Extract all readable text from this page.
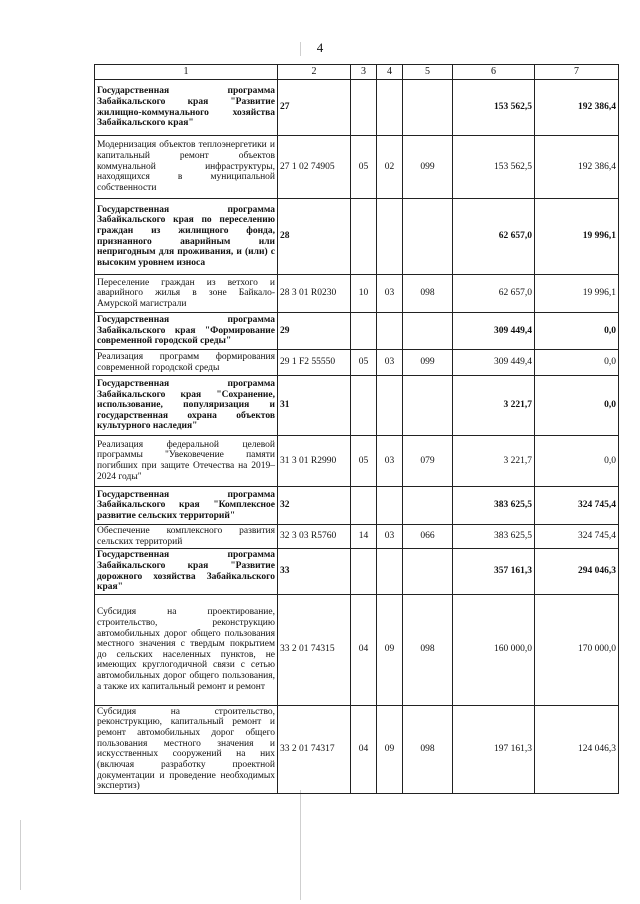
4
1	2	3	4	5	6	7
Государственная программа Забайкальского края "Развитие жилищно-коммунального хозяйства Забайкальского края"	27				153 562,5	192 386,4
Модернизация объектов теплоэнергетики и капитальный ремонт объектов коммунальной инфраструктуры, находящихся в муниципальной собственности	27 1 02 74905	05	02	099	153 562,5	192 386,4
Государственная программа Забайкальского края по переселению граждан из жилищного фонда, признанного аварийным или непригодным для проживания, и (или) с высоким уровнем износа	28				62 657,0	19 996,1
Переселение граждан из ветхого и аварийного жилья в зоне Байкало-Амурской магистрали	28 3 01 R0230	10	03	098	62 657,0	19 996,1
Государственная программа Забайкальского края "Формирование современной городской среды"	29				309 449,4	0,0
Реализация программ формирования современной городской среды	29 1 F2 55550	05	03	099	309 449,4	0,0
Государственная программа Забайкальского края "Сохранение, использование, популяризация и государственная охрана объектов культурного наследия"	31				3 221,7	0,0
Реализация федеральной целевой программы "Увековечение памяти погибших при защите Отечества на 2019–2024 годы"	31 3 01 R2990	05	03	079	3 221,7	0,0
Государственная программа Забайкальского края "Комплексное развитие сельских территорий"	32				383 625,5	324 745,4
Обеспечение комплексного развития сельских территорий	32 3 03 R5760	14	03	066	383 625,5	324 745,4
Государственная программа Забайкальского края "Развитие дорожного хозяйства Забайкальского края"	33				357 161,3	294 046,3
Субсидия на проектирование, строительство, реконструкцию автомобильных дорог общего пользования местного значения с твердым покрытием до сельских населенных пунктов, не имеющих круглогодичной связи с сетью автомобильных дорог общего пользования, а также их капитальный ремонт и ремонт	33 2 01 74315	04	09	098	160 000,0	170 000,0
Субсидия на строительство, реконструкцию, капитальный ремонт и ремонт автомобильных дорог общего пользования местного значения и искусственных сооружений на них (включая разработку проектной документации и проведение необходимых экспертиз)	33 2 01 74317	04	09	098	197 161,3	124 046,3
